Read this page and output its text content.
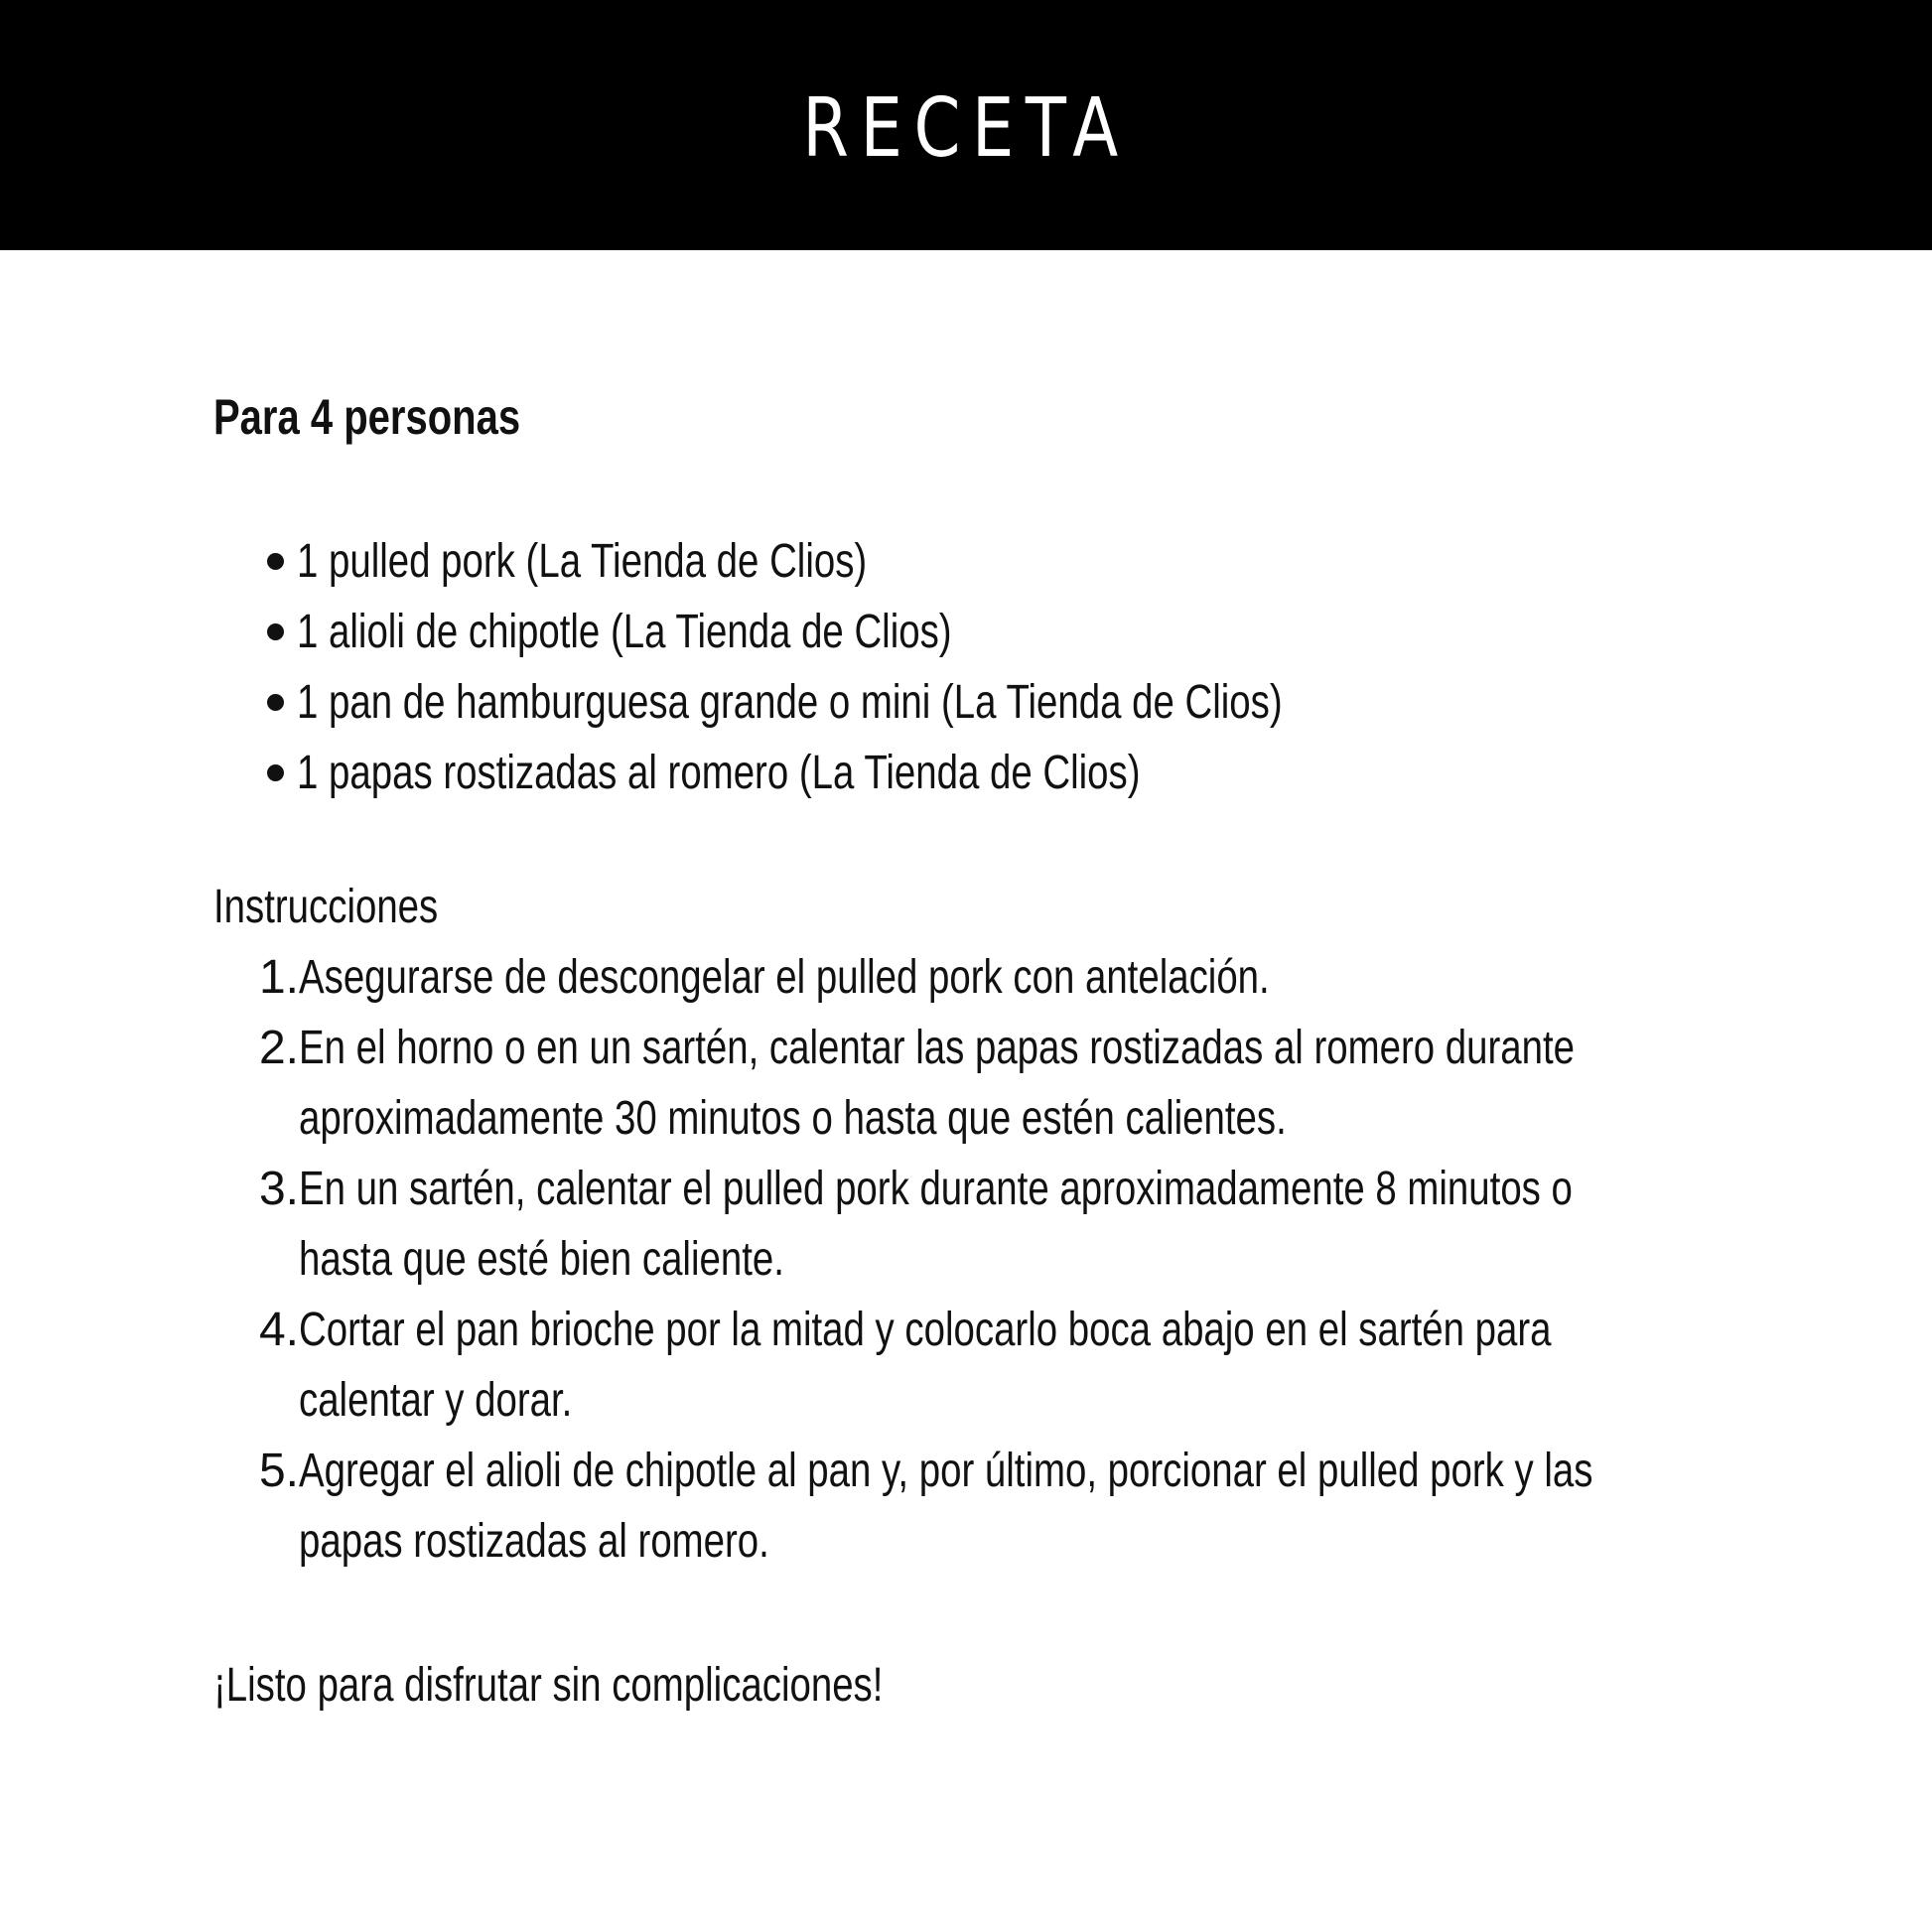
RECETA
Para 4 personas
1 pulled pork (La Tienda de Clios)
1 alioli de chipotle (La Tienda de Clios)
1 pan de hamburguesa grande o mini (La Tienda de Clios)
1 papas rostizadas al romero (La Tienda de Clios)
Instrucciones
1. Asegurarse de descongelar el pulled pork con antelación.
2. En el horno o en un sartén, calentar las papas rostizadas al romero durante
aproximadamente 30 minutos o hasta que estén calientes.
3. En un sartén, calentar el pulled pork durante aproximadamente 8 minutos o
hasta que esté bien caliente.
4. Cortar el pan brioche por la mitad y colocarlo boca abajo en el sartén para
calentar y dorar.
5. Agregar el alioli de chipotle al pan y, por último, porcionar el pulled pork y las
papas rostizadas al romero.
¡Listo para disfrutar sin complicaciones!
